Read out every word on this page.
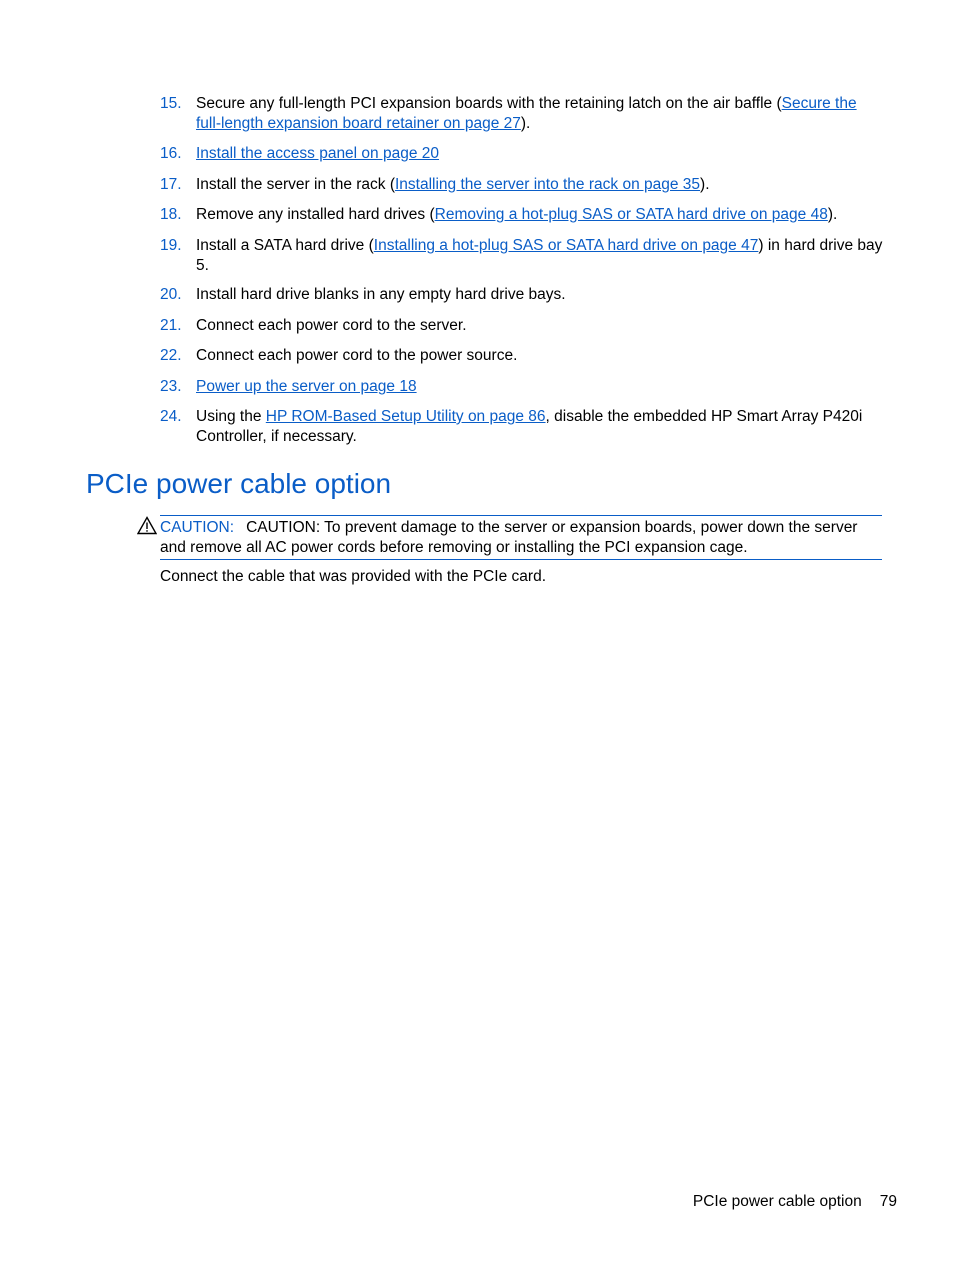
15. Secure any full-length PCI expansion boards with the retaining latch on the air baffle (Secure the full-length expansion board retainer on page 27).
16. Install the access panel on page 20
17. Install the server in the rack (Installing the server into the rack on page 35).
18. Remove any installed hard drives (Removing a hot-plug SAS or SATA hard drive on page 48).
19. Install a SATA hard drive (Installing a hot-plug SAS or SATA hard drive on page 47) in hard drive bay 5.
20. Install hard drive blanks in any empty hard drive bays.
21. Connect each power cord to the server.
22. Connect each power cord to the power source.
23. Power up the server on page 18
24. Using the HP ROM-Based Setup Utility on page 86, disable the embedded HP Smart Array P420i Controller, if necessary.
PCIe power cable option
CAUTION: CAUTION: To prevent damage to the server or expansion boards, power down the server and remove all AC power cords before removing or installing the PCI expansion cage.
Connect the cable that was provided with the PCIe card.
PCIe power cable option 79
